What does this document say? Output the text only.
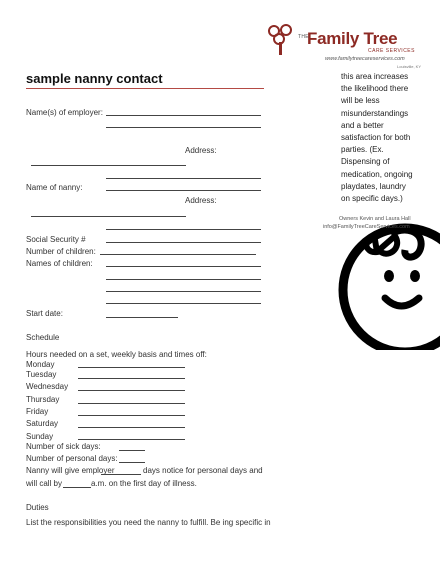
THE
Family Tree
CARE SERVICES
www.familytreecareservices.com
Louisville, KY
sample nanny contact
Name(s) of employer:
Address:
Name of nanny:
Address:
Social Security #
Number of children:
Names of children:
Start date:
Schedule
Hours needed on a set, weekly basis and times off:
Monday
Tuesday
Wednesday
Thursday
Friday
Saturday
Sunday
Number of sick days:
Number of personal days:
Nanny will give employer	days notice for personal days and
will call by	a.m. on the first day of illness.
Duties
List the responsibilities you need the nanny to fulfill. Be ing specific in
this area increases
the likelihood there
will be less
misunderstandings
and a better
satisfaction for both
parties. (Ex.
Dispensing of
medication, ongoing
playdates, laundry
on specific days.)
Owners Kevin and Laura Hall
info@FamilyTreeCareServices.com
